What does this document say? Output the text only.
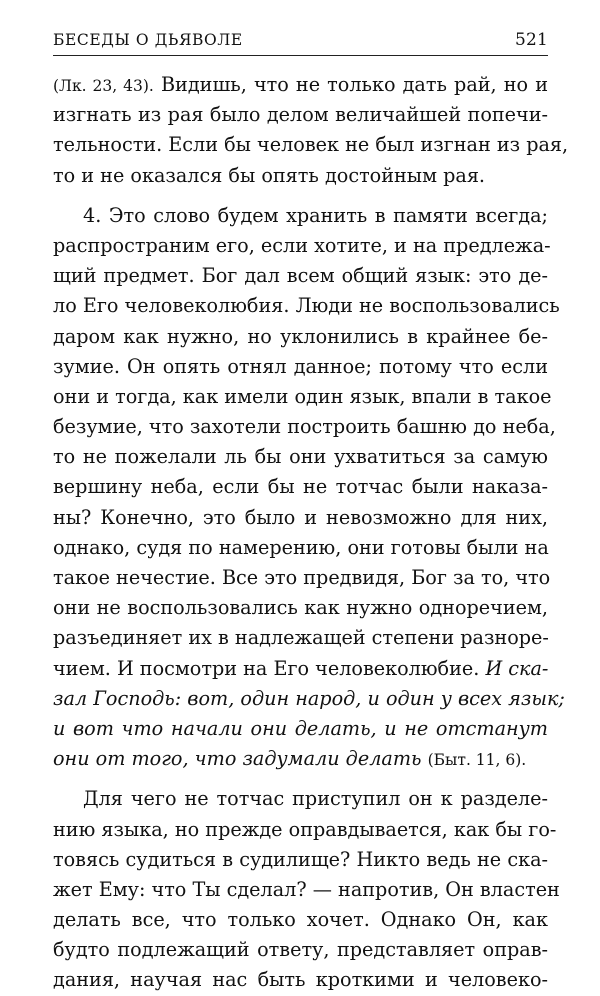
БЕСЕДЫ О ДЬЯВОЛЕ	521
(Лк. 23, 43). Видишь, что не только дать рай, но и
изгнать из рая было делом величайшей попечи-
тельности. Если бы человек не был изгнан из рая,
то и не оказался бы опять достойным рая.
4. Это слово будем хранить в памяти всегда;
распространим его, если хотите, и на предлежа-
щий предмет. Бог дал всем общий язык: это де-
ло Его человеколюбия. Люди не воспользовались
даром как нужно, но уклонились в крайнее бе-
зумие. Он опять отнял данное; потому что если
они и тогда, как имели один язык, впали в такое
безумие, что захотели построить башню до неба,
то не пожелали ль бы они ухватиться за самую
вершину неба, если бы не тотчас были наказа-
ны? Конечно, это было и невозможно для них,
однако, судя по намерению, они готовы были на
такое нечестие. Все это предвидя, Бог за то, что
они не воспользовались как нужно одноречием,
разъединяет их в надлежащей степени разноре-
чием. И посмотри на Его человеколюбие. И ска-
зал Господь: вот, один народ, и один у всех язык;
и вот что начали они делать, и не отстанут
они от того, что задумали делать (Быт. 11, 6).
Для чего не тотчас приступил он к разделе-
нию языка, но прежде оправдывается, как бы го-
товясь судиться в судилище? Никто ведь не ска-
жет Ему: что Ты сделал? — напротив, Он властен
делать все, что только хочет. Однако Он, как
будто подлежащий ответу, представляет оправ-
дания, научая нас быть кроткими и человеко-
